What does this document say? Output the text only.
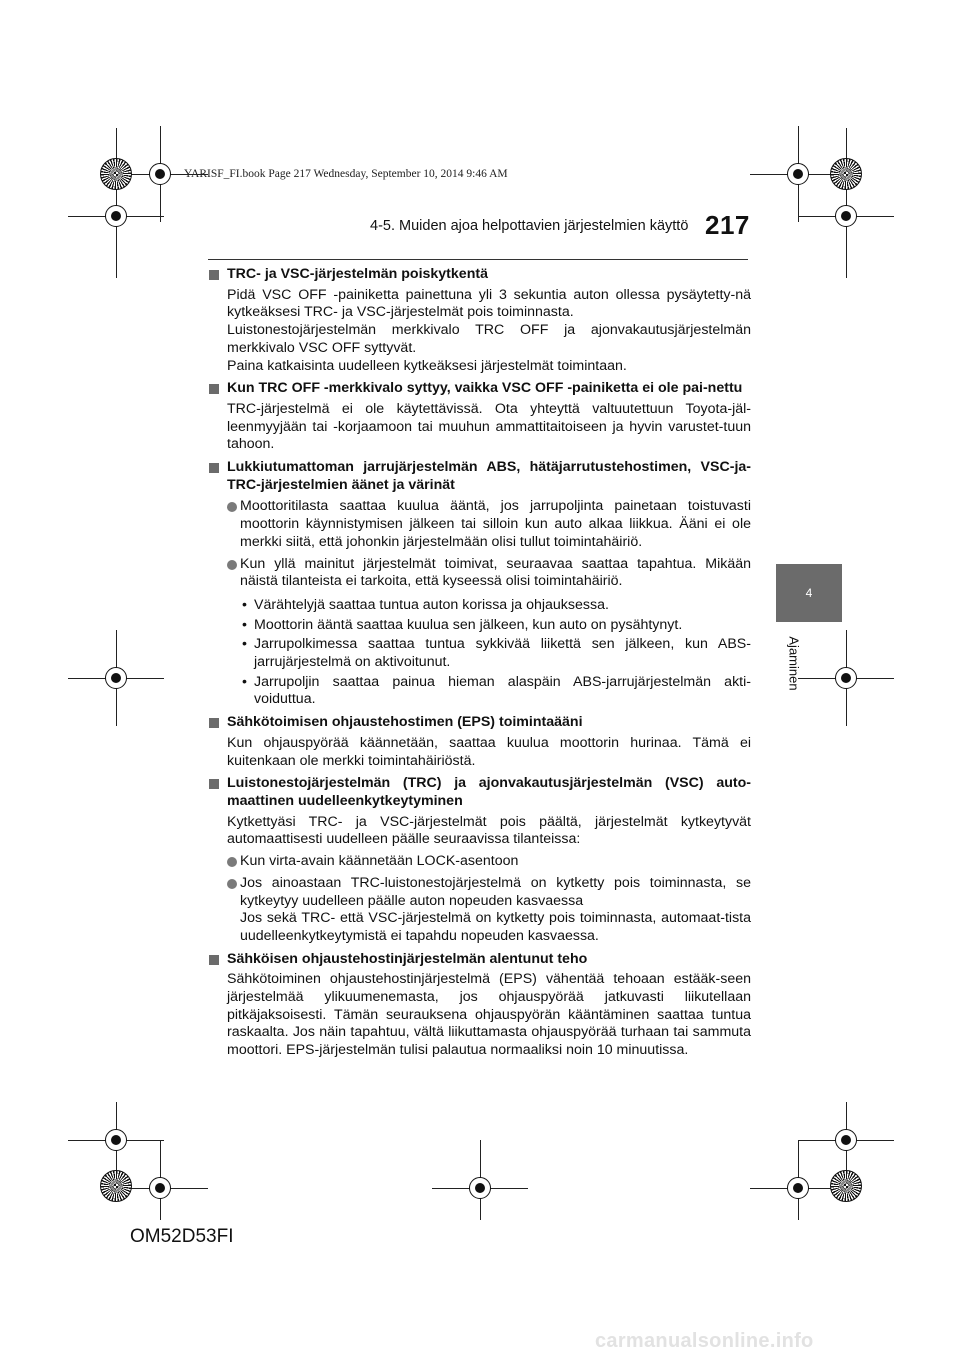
YARISF_FI.book Page 217 Wednesday, September 10, 2014 9:46 AM
4-5. Muiden ajoa helpottavien järjestelmien käyttö 217
4
Ajaminen
TRC- ja VSC-järjestelmän poiskytkentä
Pidä VSC OFF -painiketta painettuna yli 3 sekuntia auton ollessa pysäytetty-nä kytkeäksesi TRC- ja VSC-järjestelmät pois toiminnasta.
Luistonestojärjestelmän merkkivalo TRC OFF ja ajonvakautusjärjestelmän merkkivalo VSC OFF syttyvät.
Paina katkaisinta uudelleen kytkeäksesi järjestelmät toimintaan.
Kun TRC OFF -merkkivalo syttyy, vaikka VSC OFF -painiketta ei ole pai-nettu
TRC-järjestelmä ei ole käytettävissä. Ota yhteyttä valtuutettuun Toyota-jäl-leenmyyjään tai -korjaamoon tai muuhun ammattitaitoiseen ja hyvin varustet-tuun tahoon.
Lukkiutumattoman jarrujärjestelmän ABS, hätäjarrutustehostimen, VSC-ja- TRC-järjestelmien äänet ja värinät
Moottoritilasta saattaa kuulua ääntä, jos jarrupoljinta painetaan toistuvasti moottorin käynnistymisen jälkeen tai silloin kun auto alkaa liikkua. Ääni ei ole merkki siitä, että johonkin järjestelmään olisi tullut toimintahäiriö.
Kun yllä mainitut järjestelmät toimivat, seuraavaa saattaa tapahtua. Mikään näistä tilanteista ei tarkoita, että kyseessä olisi toimintahäiriö.
• Värähtelyjä saattaa tuntua auton korissa ja ohjauksessa.
• Moottorin ääntä saattaa kuulua sen jälkeen, kun auto on pysähtynyt.
• Jarrupolkimessa saattaa tuntua sykkivää liikettä sen jälkeen, kun ABS-jarrujärjestelmä on aktivoitunut.
• Jarrupoljin saattaa painua hieman alaspäin ABS-jarrujärjestelmän akti-voiduttua.
Sähkötoimisen ohjaustehostimen (EPS) toimintaääni
Kun ohjauspyörää käännetään, saattaa kuulua moottorin hurinaa. Tämä ei kuitenkaan ole merkki toimintahäiriöstä.
Luistonestojärjestelmän (TRC) ja ajonvakautusjärjestelmän (VSC) auto-maattinen uudelleenkytkeytyminen
Kytkettyäsi TRC- ja VSC-järjestelmät pois päältä, järjestelmät kytkeytyvät automaattisesti uudelleen päälle seuraavissa tilanteissa:
Kun virta-avain käännetään LOCK-asentoon
Jos ainoastaan TRC-luistonestojärjestelmä on kytketty pois toiminnasta, se kytkeytyy uudelleen päälle auton nopeuden kasvaessa
Jos sekä TRC- että VSC-järjestelmä on kytketty pois toiminnasta, automaat-tista uudelleenkytkeytymistä ei tapahdu nopeuden kasvaessa.
Sähköisen ohjaustehostinjärjestelmän alentunut teho
Sähkötoiminen ohjaustehostinjärjestelmä (EPS) vähentää tehoaan estääk-seen järjestelmää ylikuumenemasta, jos ohjauspyörää jatkuvasti liikutellaan pitkäjaksoisesti. Tämän seurauksena ohjauspyörän kääntäminen saattaa tuntua raskaalta. Jos näin tapahtuu, vältä liikuttamasta ohjauspyörää turhaan tai sammuta moottori. EPS-järjestelmän tulisi palautua normaaliksi noin 10 minuutissa.
OM52D53FI
carmanualsonline.info
